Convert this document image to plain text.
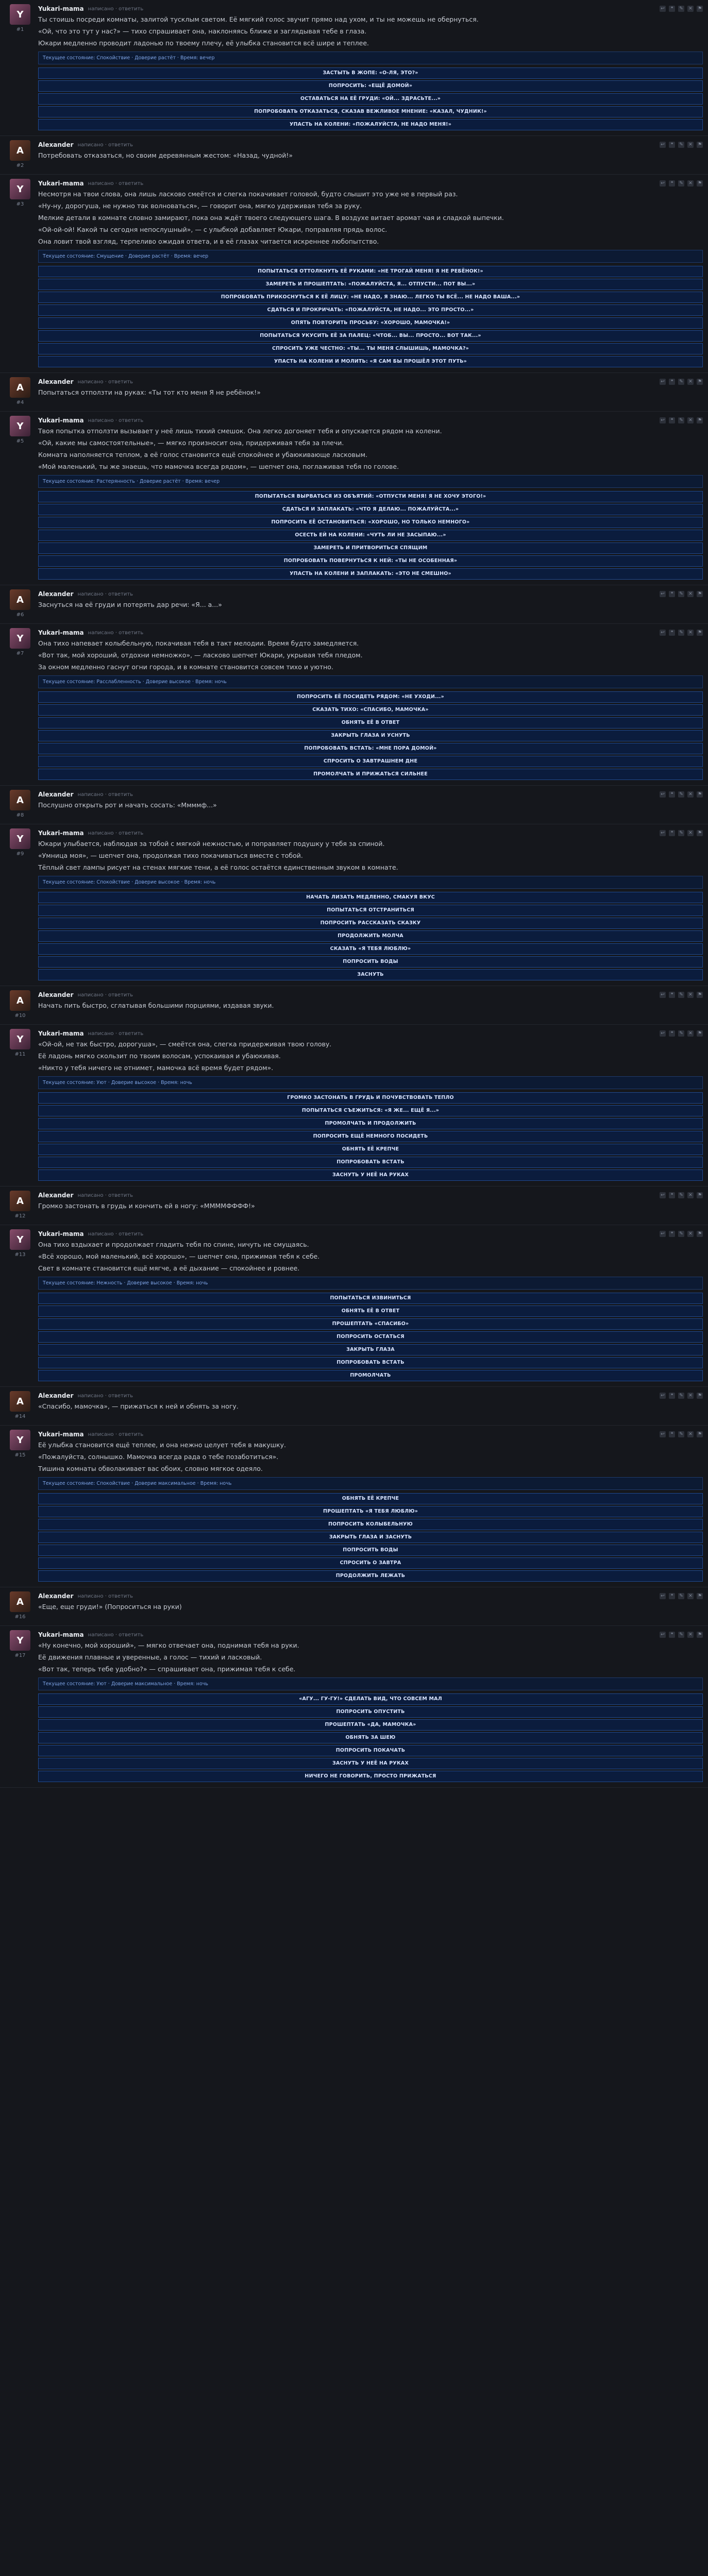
Y
#1
Yukari-mama написано · ответить	↩	❝	✎ ✕ ⚑

Ты стоишь посреди комнаты, залитой тусклым светом. Её мягкий голос звучит прямо над ухом, и ты не можешь не обернуться.

«Ой, что это тут у нас?» — тихо спрашивает она, наклоняясь ближе и заглядывая тебе в глаза.

Юкари медленно проводит ладонью по твоему плечу, её улыбка становится всё шире и теплее.

Текущее состояние: Спокойствие · Доверие растёт · Время: вечер
ЗАСТЫТЬ В ЖОПЕ: «О-ЛЯ, ЭТО?»
ПОПРОСИТЬ: «ЕЩЁ ДОМОЙ»
ОСТАВАТЬСЯ НА ЕЁ ГРУДИ: «ОЙ... ЗДРАСЬТЕ...»
ПОПРОБОВАТЬ ОТКАЗАТЬСЯ, СКАЗАВ ВЕЖЛИВОЕ МНЕНИЕ: «КАЗАЛ, ЧУДНИК!»
УПАСТЬ НА КОЛЕНИ: «ПОЖАЛУЙСТА, НЕ НАДО МЕНЯ!»
A
#2
Alexander написано · ответить	↩	❝	✎ ✕ ⚑

Потребовать отказаться, но своим деревянным жестом: «Назад, чудной!»

Y
#3
Yukari-mama написано · ответить	↩	❝	✎ ✕ ⚑

Несмотря на твои слова, она лишь ласково смеётся и слегка покачивает головой, будто слышит это уже не в первый раз.

«Ну-ну, дорогуша, не нужно так волноваться», — говорит она, мягко удерживая тебя за руку.

Мелкие детали в комнате словно замирают, пока она ждёт твоего следующего шага. В воздухе витает аромат чая и сладкой выпечки.

«Ой-ой-ой! Какой ты сегодня непослушный», — с улыбкой добавляет Юкари, поправляя прядь волос.

Она ловит твой взгляд, терпеливо ожидая ответа, и в её глазах читается искреннее любопытство.

Текущее состояние: Смущение · Доверие растёт · Время: вечер
ПОПЫТАТЬСЯ ОТТОЛКНУТЬ ЕЁ РУКАМИ: «НЕ ТРОГАЙ МЕНЯ! Я НЕ РЕБЁНОК!»
ЗАМЕРЕТЬ И ПРОШЕПТАТЬ: «ПОЖАЛУЙСТА, Я... ОТПУСТИ... ПОТ ВЫ...»
ПОПРОБОВАТЬ ПРИКОСНУТЬСЯ К ЕЁ ЛИЦУ: «НЕ НАДО, Я ЗНАЮ... ЛЕГКО ТЫ ВСЁ... НЕ НАДО ВАША...»
СДАТЬСЯ И ПРОКРИЧАТЬ: «ПОЖАЛУЙСТА, НЕ НАДО... ЭТО ПРОСТО...»
ОПЯТЬ ПОВТОРИТЬ ПРОСЬБУ: «ХОРОШО, МАМОЧКА!»
ПОПЫТАТЬСЯ УКУСИТЬ ЕЁ ЗА ПАЛЕЦ: «ЧТОБ... ВЫ... ПРОСТО... ВОТ ТАК...»
СПРОСИТЬ УЖЕ ЧЕСТНО: «ТЫ... ТЫ МЕНЯ СЛЫШИШЬ, МАМОЧКА?»
УПАСТЬ НА КОЛЕНИ И МОЛИТЬ: «Я САМ БЫ ПРОШЁЛ ЭТОТ ПУТЬ»
A
#4
Alexander написано · ответить	↩	❝	✎ ✕ ⚑

Попытаться отползти на руках: «Ты тот кто меня Я не ребёнок!»

Y
#5
Yukari-mama написано · ответить	↩	❝	✎ ✕ ⚑

Твоя попытка отползти вызывает у неё лишь тихий смешок. Она легко догоняет тебя и опускается рядом на колени.

«Ой, какие мы самостоятельные», — мягко произносит она, придерживая тебя за плечи.

Комната наполняется теплом, а её голос становится ещё спокойнее и убаюкивающе ласковым.

«Мой маленький, ты же знаешь, что мамочка всегда рядом», — шепчет она, поглаживая тебя по голове.

Текущее состояние: Растерянность · Доверие растёт · Время: вечер
ПОПЫТАТЬСЯ ВЫРВАТЬСЯ ИЗ ОБЪЯТИЙ: «ОТПУСТИ МЕНЯ! Я НЕ ХОЧУ ЭТОГО!»
СДАТЬСЯ И ЗАПЛАКАТЬ: «ЧТО Я ДЕЛАЮ... ПОЖАЛУЙСТА...»
ПОПРОСИТЬ ЕЁ ОСТАНОВИТЬСЯ: «ХОРОШО, НО ТОЛЬКО НЕМНОГО»
ОСЕСТЬ ЕЙ НА КОЛЕНИ: «ЧУТЬ ЛИ НЕ ЗАСЫПАЮ...»
ЗАМЕРЕТЬ И ПРИТВОРИТЬСЯ СПЯЩИМ
ПОПРОБОВАТЬ ПОВЕРНУТЬСЯ К НЕЙ: «ТЫ НЕ ОСОБЕННАЯ»
УПАСТЬ НА КОЛЕНИ И ЗАПЛАКАТЬ: «ЭТО НЕ СМЕШНО»
A
#6
Alexander написано · ответить	↩	❝	✎ ✕ ⚑

Заснуться на её груди и потерять дар речи: «Я... а...»

Y
#7
Yukari-mama написано · ответить	↩	❝	✎ ✕ ⚑

Она тихо напевает колыбельную, покачивая тебя в такт мелодии. Время будто замедляется.

«Вот так, мой хороший, отдохни немножко», — ласково шепчет Юкари, укрывая тебя пледом.

За окном медленно гаснут огни города, и в комнате становится совсем тихо и уютно.

Текущее состояние: Расслабленность · Доверие высокое · Время: ночь
ПОПРОСИТЬ ЕЁ ПОСИДЕТЬ РЯДОМ: «НЕ УХОДИ...»
СКАЗАТЬ ТИХО: «СПАСИБО, МАМОЧКА»
ОБНЯТЬ ЕЁ В ОТВЕТ
ЗАКРЫТЬ ГЛАЗА И УСНУТЬ
ПОПРОБОВАТЬ ВСТАТЬ: «МНЕ ПОРА ДОМОЙ»
СПРОСИТЬ О ЗАВТРАШНЕМ ДНЕ
ПРОМОЛЧАТЬ И ПРИЖАТЬСЯ СИЛЬНЕЕ
A
#8
Alexander написано · ответить	↩	❝	✎ ✕ ⚑

Послушно открыть рот и начать сосать: «Ммммф...»

Y
#9
Yukari-mama написано · ответить	↩	❝	✎ ✕ ⚑

Юкари улыбается, наблюдая за тобой с мягкой нежностью, и поправляет подушку у тебя за спиной.

«Умница моя», — шепчет она, продолжая тихо покачиваться вместе с тобой.

Тёплый свет лампы рисует на стенах мягкие тени, а её голос остаётся единственным звуком в комнате.

Текущее состояние: Спокойствие · Доверие высокое · Время: ночь
НАЧАТЬ ЛИЗАТЬ МЕДЛЕННО, СМАКУЯ ВКУС
ПОПЫТАТЬСЯ ОТСТРАНИТЬСЯ
ПОПРОСИТЬ РАССКАЗАТЬ СКАЗКУ
ПРОДОЛЖИТЬ МОЛЧА
СКАЗАТЬ «Я ТЕБЯ ЛЮБЛЮ»
ПОПРОСИТЬ ВОДЫ
ЗАСНУТЬ
A
#10
Alexander написано · ответить	↩	❝	✎ ✕ ⚑

Начать пить быстро, сглатывая большими порциями, издавая звуки.

Y
#11
Yukari-mama написано · ответить	↩	❝	✎ ✕ ⚑

«Ой-ой, не так быстро, дорогуша», — смеётся она, слегка придерживая твою голову.

Её ладонь мягко скользит по твоим волосам, успокаивая и убаюкивая.

«Никто у тебя ничего не отнимет, мамочка всё время будет рядом».

Текущее состояние: Уют · Доверие высокое · Время: ночь
ГРОМКО ЗАСТОНАТЬ В ГРУДЬ И ПОЧУВСТВОВАТЬ ТЕПЛО
ПОПЫТАТЬСЯ СЪЕЖИТЬСЯ: «Я ЖЕ... ЕЩЁ Я...»
ПРОМОЛЧАТЬ И ПРОДОЛЖИТЬ
ПОПРОСИТЬ ЕЩЁ НЕМНОГО ПОСИДЕТЬ
ОБНЯТЬ ЕЁ КРЕПЧЕ
ПОПРОБОВАТЬ ВСТАТЬ
ЗАСНУТЬ У НЕЁ НА РУКАХ
A
#12
Alexander написано · ответить	↩	❝	✎ ✕ ⚑

Громко застонать в грудь и кончить ей в ногу: «ММММФФФФ!»

Y
#13
Yukari-mama написано · ответить	↩	❝	✎ ✕ ⚑

Она тихо вздыхает и продолжает гладить тебя по спине, ничуть не смущаясь.

«Всё хорошо, мой маленький, всё хорошо», — шепчет она, прижимая тебя к себе.

Свет в комнате становится ещё мягче, а её дыхание — спокойнее и ровнее.

Текущее состояние: Нежность · Доверие высокое · Время: ночь
ПОПЫТАТЬСЯ ИЗВИНИТЬСЯ
ОБНЯТЬ ЕЁ В ОТВЕТ
ПРОШЕПТАТЬ «СПАСИБО»
ПОПРОСИТЬ ОСТАТЬСЯ
ЗАКРЫТЬ ГЛАЗА
ПОПРОБОВАТЬ ВСТАТЬ
ПРОМОЛЧАТЬ
A
#14
Alexander написано · ответить	↩	❝	✎ ✕ ⚑

«Спасибо, мамочка», — прижаться к ней и обнять за ногу.

Y
#15
Yukari-mama написано · ответить	↩	❝	✎ ✕ ⚑

Её улыбка становится ещё теплее, и она нежно целует тебя в макушку.

«Пожалуйста, солнышко. Мамочка всегда рада о тебе позаботиться».

Тишина комнаты обволакивает вас обоих, словно мягкое одеяло.

Текущее состояние: Спокойствие · Доверие максимальное · Время: ночь
ОБНЯТЬ ЕЁ КРЕПЧЕ
ПРОШЕПТАТЬ «Я ТЕБЯ ЛЮБЛЮ»
ПОПРОСИТЬ КОЛЫБЕЛЬНУЮ
ЗАКРЫТЬ ГЛАЗА И ЗАСНУТЬ
ПОПРОСИТЬ ВОДЫ
СПРОСИТЬ О ЗАВТРА
ПРОДОЛЖИТЬ ЛЕЖАТЬ
A
#16
Alexander написано · ответить	↩	❝	✎ ✕ ⚑

«Еще, еще груди!» (Попроситься на руки)

Y
#17
Yukari-mama написано · ответить	↩	❝	✎ ✕ ⚑

«Ну конечно, мой хороший», — мягко отвечает она, поднимая тебя на руки.

Её движения плавные и уверенные, а голос — тихий и ласковый.

«Вот так, теперь тебе удобно?» — спрашивает она, прижимая тебя к себе.

Текущее состояние: Уют · Доверие максимальное · Время: ночь
«АГУ... ГУ-ГУ!» СДЕЛАТЬ ВИД, ЧТО СОВСЕМ МАЛ
ПОПРОСИТЬ ОПУСТИТЬ
ПРОШЕПТАТЬ «ДА, МАМОЧКА»
ОБНЯТЬ ЗА ШЕЮ
ПОПРОСИТЬ ПОКАЧАТЬ
ЗАСНУТЬ У НЕЁ НА РУКАХ
НИЧЕГО НЕ ГОВОРИТЬ, ПРОСТО ПРИЖАТЬСЯ
